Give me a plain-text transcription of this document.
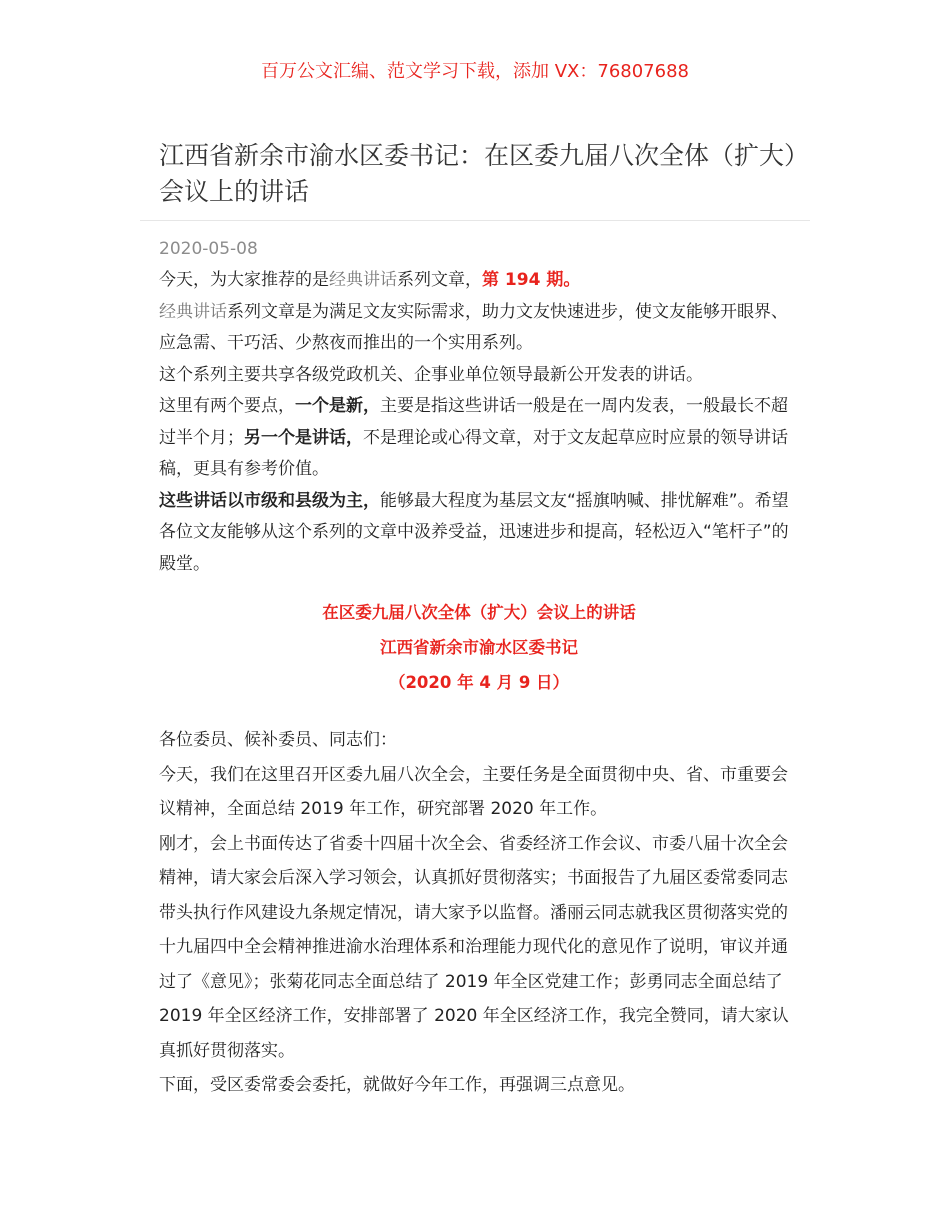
百万公文汇编、范文学习下载，添加 VX：76807688
江西省新余市渝水区委书记：在区委九届八次全体（扩大）会议上的讲话
2020-05-08

今天，为大家推荐的是经典讲话系列文章，第 194 期。

经典讲话系列文章是为满足文友实际需求，助力文友快速进步，使文友能够开眼界、应急需、干巧活、少熬夜而推出的一个实用系列。

这个系列主要共享各级党政机关、企事业单位领导最新公开发表的讲话。

这里有两个要点，一个是新，主要是指这些讲话一般是在一周内发表，一般最长不超过半个月；另一个是讲话，不是理论或心得文章，对于文友起草应时应景的领导讲话稿，更具有参考价值。

这些讲话以市级和县级为主，能够最大程度为基层文友“摇旗呐喊、排忧解难”。希望各位文友能够从这个系列的文章中汲养受益，迅速进步和提高，轻松迈入“笔杆子”的殿堂。

在区委九届八次全体（扩大）会议上的讲话
江西省新余市渝水区委书记
（2020 年 4 月 9 日）

各位委员、候补委员、同志们：

今天，我们在这里召开区委九届八次全会，主要任务是全面贯彻中央、省、市重要会议精神，全面总结 2019 年工作，研究部署 2020 年工作。

刚才，会上书面传达了省委十四届十次全会、省委经济工作会议、市委八届十次全会精神，请大家会后深入学习领会，认真抓好贯彻落实；书面报告了九届区委常委同志带头执行作风建设九条规定情况，请大家予以监督。潘丽云同志就我区贯彻落实党的十九届四中全会精神推进渝水治理体系和治理能力现代化的意见作了说明，审议并通过了《意见》；张菊花同志全面总结了 2019 年全区党建工作；彭勇同志全面总结了 2019 年全区经济工作，安排部署了 2020 年全区经济工作，我完全赞同，请大家认真抓好贯彻落实。

下面，受区委常委会委托，就做好今年工作，再强调三点意见。
